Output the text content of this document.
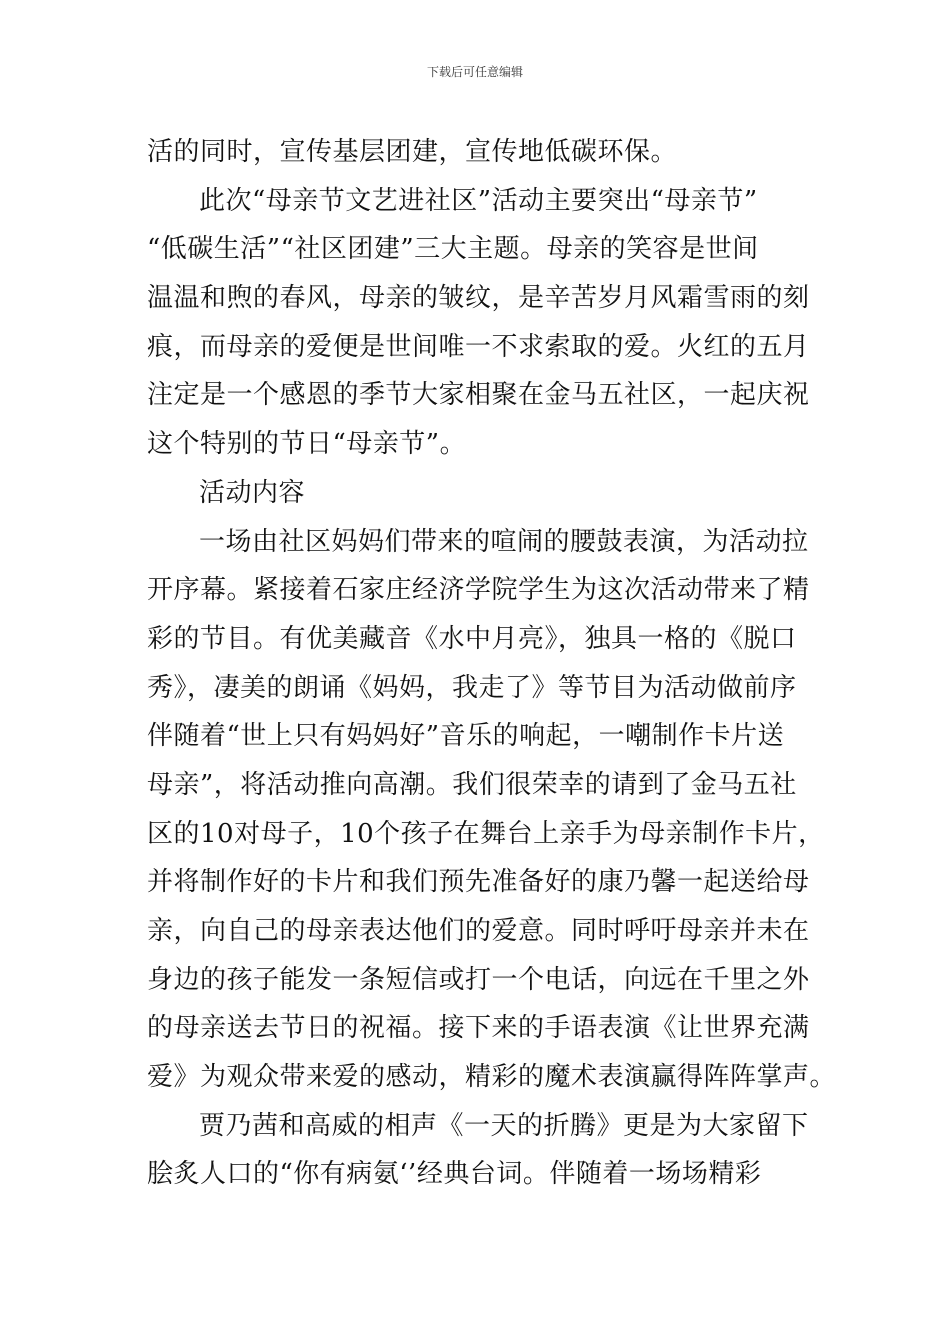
下载后可任意编辑
活的同时，宣传基层团建，宣传地低碳环保。
此次“母亲节文艺进社区”活动主要突出“母亲节”
“低碳生活”“社区团建”三大主题。母亲的笑容是世间
温温和煦的春风，母亲的皱纹，是辛苦岁月风霜雪雨的刻
痕，而母亲的爱便是世间唯一不求索取的爱。火红的五月
注定是一个感恩的季节大家相聚在金马五社区，一起庆祝
这个特别的节日“母亲节”。
活动内容
一场由社区妈妈们带来的喧闹的腰鼓表演，为活动拉
开序幕。紧接着石家庄经济学院学生为这次活动带来了精
彩的节目。有优美藏音《水中月亮》，独具一格的《脱口
秀》，凄美的朗诵《妈妈，我走了》等节目为活动做前序
伴随着“世上只有妈妈好”音乐的响起，一嘲制作卡片送
母亲”，将活动推向高潮。我们很荣幸的请到了金马五社
区的10对母子，10个孩子在舞台上亲手为母亲制作卡片，
并将制作好的卡片和我们预先准备好的康乃馨一起送给母
亲，向自己的母亲表达他们的爱意。同时呼吁母亲并未在
身边的孩子能发一条短信或打一个电话，向远在千里之外
的母亲送去节日的祝福。接下来的手语表演《让世界充满
爱》为观众带来爱的感动，精彩的魔术表演赢得阵阵掌声。
贾乃茜和高威的相声《一天的折腾》更是为大家留下
脍炙人口的“你有病氨‘’经典台词。伴随着一场场精彩
